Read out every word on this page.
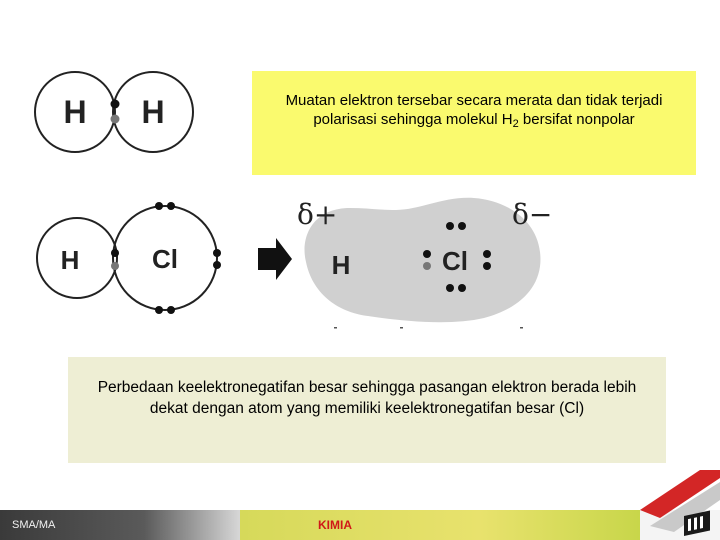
H H
H	Cl	H	Cl
δ+	δ−
Muatan elektron tersebar secara merata dan tidak terjadi polarisasi sehingga molekul $H_2$ bersifat nonpolar
Perbedaan keelektronegatifan besar sehingga pasangan elektron berada lebih dekat dengan atom yang memiliki keelektronegatifan besar (Cl)
SMA/MA	KIMIA
